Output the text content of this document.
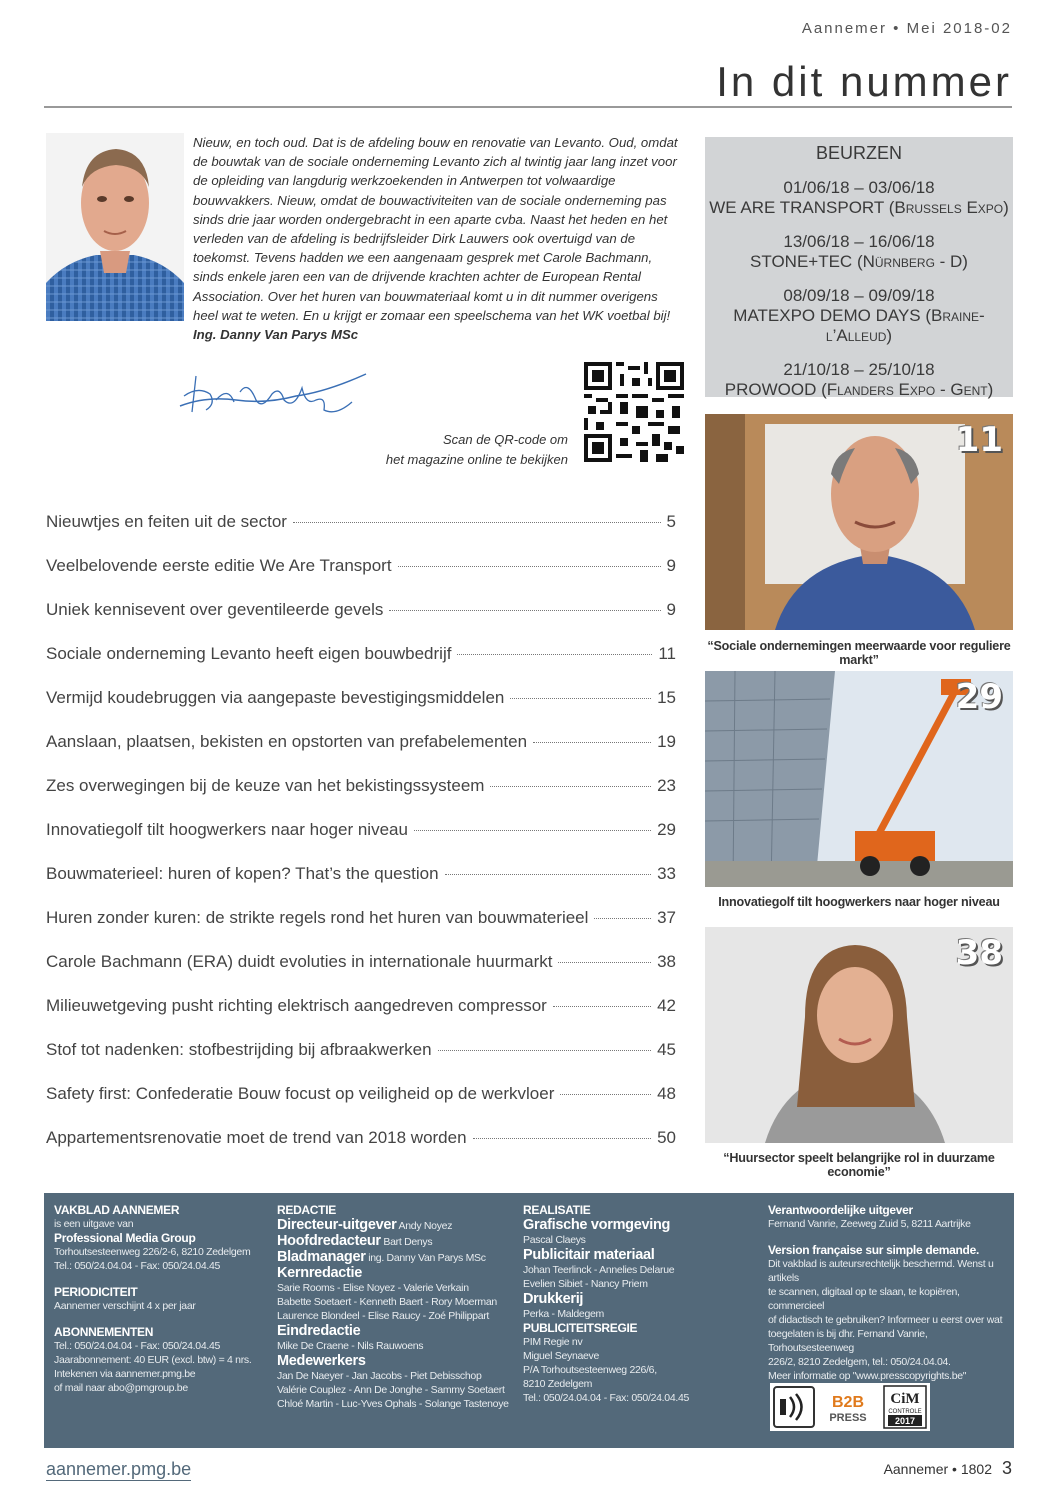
Aannemer • Mei 2018-02
In dit nummer
Nieuw, en toch oud. Dat is de afdeling bouw en renovatie van Levanto. Oud, omdat de bouwtak van de sociale onderneming Levanto zich al twintig jaar lang inzet voor de opleiding van langdurig werkzoekenden in Antwerpen tot volwaardige bouwvakkers. Nieuw, omdat de bouwactiviteiten van de sociale onderneming pas sinds drie jaar worden ondergebracht in een aparte cvba. Naast het heden en het verleden van de afdeling is bedrijfsleider Dirk Lauwers ook overtuigd van de toekomst. Tevens hadden we een aangenaam gesprek met Carole Bachmann, sinds enkele jaren een van de drijvende krachten achter de European Rental Association. Over het huren van bouwmateriaal komt u in dit nummer overigens heel wat te weten. En u krijgt er zomaar een speelschema van het WK voetbal bij!
Ing. Danny Van Parys MSc
Scan de QR-code om
het magazine online te bekijken
Nieuwtjes en feiten uit de sector	5
Veelbelovende eerste editie We Are Transport	9
Uniek kennisevent over geventileerde gevels	9
Sociale onderneming Levanto heeft eigen bouwbedrijf	11
Vermijd koudebruggen via aangepaste bevestigingsmiddelen	15
Aanslaan, plaatsen, bekisten en opstorten van prefabelementen	19
Zes overwegingen bij de keuze van het bekistingssysteem	23
Innovatiegolf tilt hoogwerkers naar hoger niveau	29
Bouwmaterieel: huren of kopen? That’s the question	33
Huren zonder kuren: de strikte regels rond het huren van bouwmaterieel	37
Carole Bachmann (ERA) duidt evoluties in internationale huurmarkt	38
Milieuwetgeving pusht richting elektrisch aangedreven compressor	42
Stof tot nadenken: stofbestrijding bij afbraakwerken	45
Safety first: Confederatie Bouw focust op veiligheid op de werkvloer	48
Appartementsrenovatie moet de trend van 2018 worden	50
BEURZEN
01/06/18 – 03/06/18
WE ARE TRANSPORT (Brussels Expo)
13/06/18 – 16/06/18
STONE+TEC (Nürnberg - D)
08/09/18 – 09/09/18
MATEXPO DEMO DAYS (Braine-l’Alleud)
21/10/18 – 25/10/18
PROWOOD (Flanders Expo - Gent)
11
“Sociale ondernemingen meerwaarde voor reguliere markt”
29
Innovatiegolf tilt hoogwerkers naar hoger niveau
38
“Huursector speelt belangrijke rol in duurzame economie”
VAKBLAD AANNEMER
is een uitgave van
Professional Media Group
Torhoutsesteenweg 226/2-6, 8210 Zedelgem
Tel.: 050/24.04.04 - Fax: 050/24.04.45
PERIODICITEIT
Aannemer verschijnt 4 x per jaar
ABONNEMENTEN
Tel.: 050/24.04.04 - Fax: 050/24.04.45
Jaarabonnement: 40 EUR (excl. btw) = 4 nrs.
Intekenen via aannemer.pmg.be
of mail naar abo@pmgroup.be
REDACTIE
Directeur-uitgever Andy Noyez
Hoofdredacteur Bart Denys
Bladmanager ing. Danny Van Parys MSc
Kernredactie
Sarie Rooms - Elise Noyez - Valerie Verkain
Babette Soetaert - Kenneth Baert - Rory Moerman
Laurence Blondeel - Elise Raucy - Zoé Philippart
Eindredactie
Mike De Craene - Nils Rauwoens
Medewerkers
Jan De Naeyer - Jan Jacobs - Piet Debisschop
Valérie Couplez - Ann De Jonghe - Sammy Soetaert
Chloé Martin - Luc-Yves Ophals - Solange Tastenoye
REALISATIE
Grafische vormgeving
Pascal Claeys
Publicitair materiaal
Johan Teerlinck - Annelies Delarue
Evelien Sibiet - Nancy Priem
Drukkerij
Perka - Maldegem
PUBLICITEITSREGIE
PIM Regie nv
Miguel Seynaeve
P/A Torhoutsesteenweg 226/6,
8210 Zedelgem
Tel.: 050/24.04.04 - Fax: 050/24.04.45
Verantwoordelijke uitgever
Fernand Vanrie, Zeeweg Zuid 5, 8211 Aartrijke
Version française sur simple demande.
Dit vakblad is auteursrechtelijk beschermd. Wenst u artikels
te scannen, digitaal op te slaan, te kopiëren, commercieel
of didactisch te gebruiken? Informeer u eerst over wat
toegelaten is bij dhr. Fernand Vanrie, Torhoutsesteenweg
226/2, 8210 Zedelgem, tel.: 050/24.04.04.
Meer informatie op "www.presscopyrights.be"
B2B
PRESS
CiM
CONTROLE
2017
aannemer.pmg.be	Aannemer • 1802 3
